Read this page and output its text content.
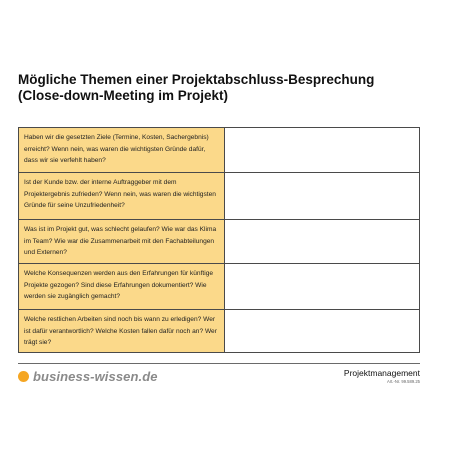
Mögliche Themen einer Projektabschluss-Besprechung
(Close-down-Meeting im Projekt)
Haben wir die gesetzten Ziele (Termine, Kosten, Sachergebnis) erreicht? Wenn nein, was waren die wichtigsten Gründe dafür, dass wir sie verfehlt haben?
Ist der Kunde bzw. der interne Auftraggeber mit dem Projektergebnis zufrieden? Wenn nein, was waren die wichtigsten Gründe für seine Unzufriedenheit?
Was ist im Projekt gut, was schlecht gelaufen? Wie war das Klima im Team? Wie war die Zusammenarbeit mit den Fachabteilungen und Externen?
Welche Konsequenzen werden aus den Erfahrungen für künftige Projekte gezogen? Sind diese Erfahrungen dokumentiert? Wie werden sie zugänglich gemacht?
Welche restlichen Arbeiten sind noch bis wann zu erledigen? Wer ist dafür verantwortlich? Welche Kosten fallen dafür noch an? Wer trägt sie?
business-wissen.de	Projektmanagement
Art.-Nr. 99.589.25
